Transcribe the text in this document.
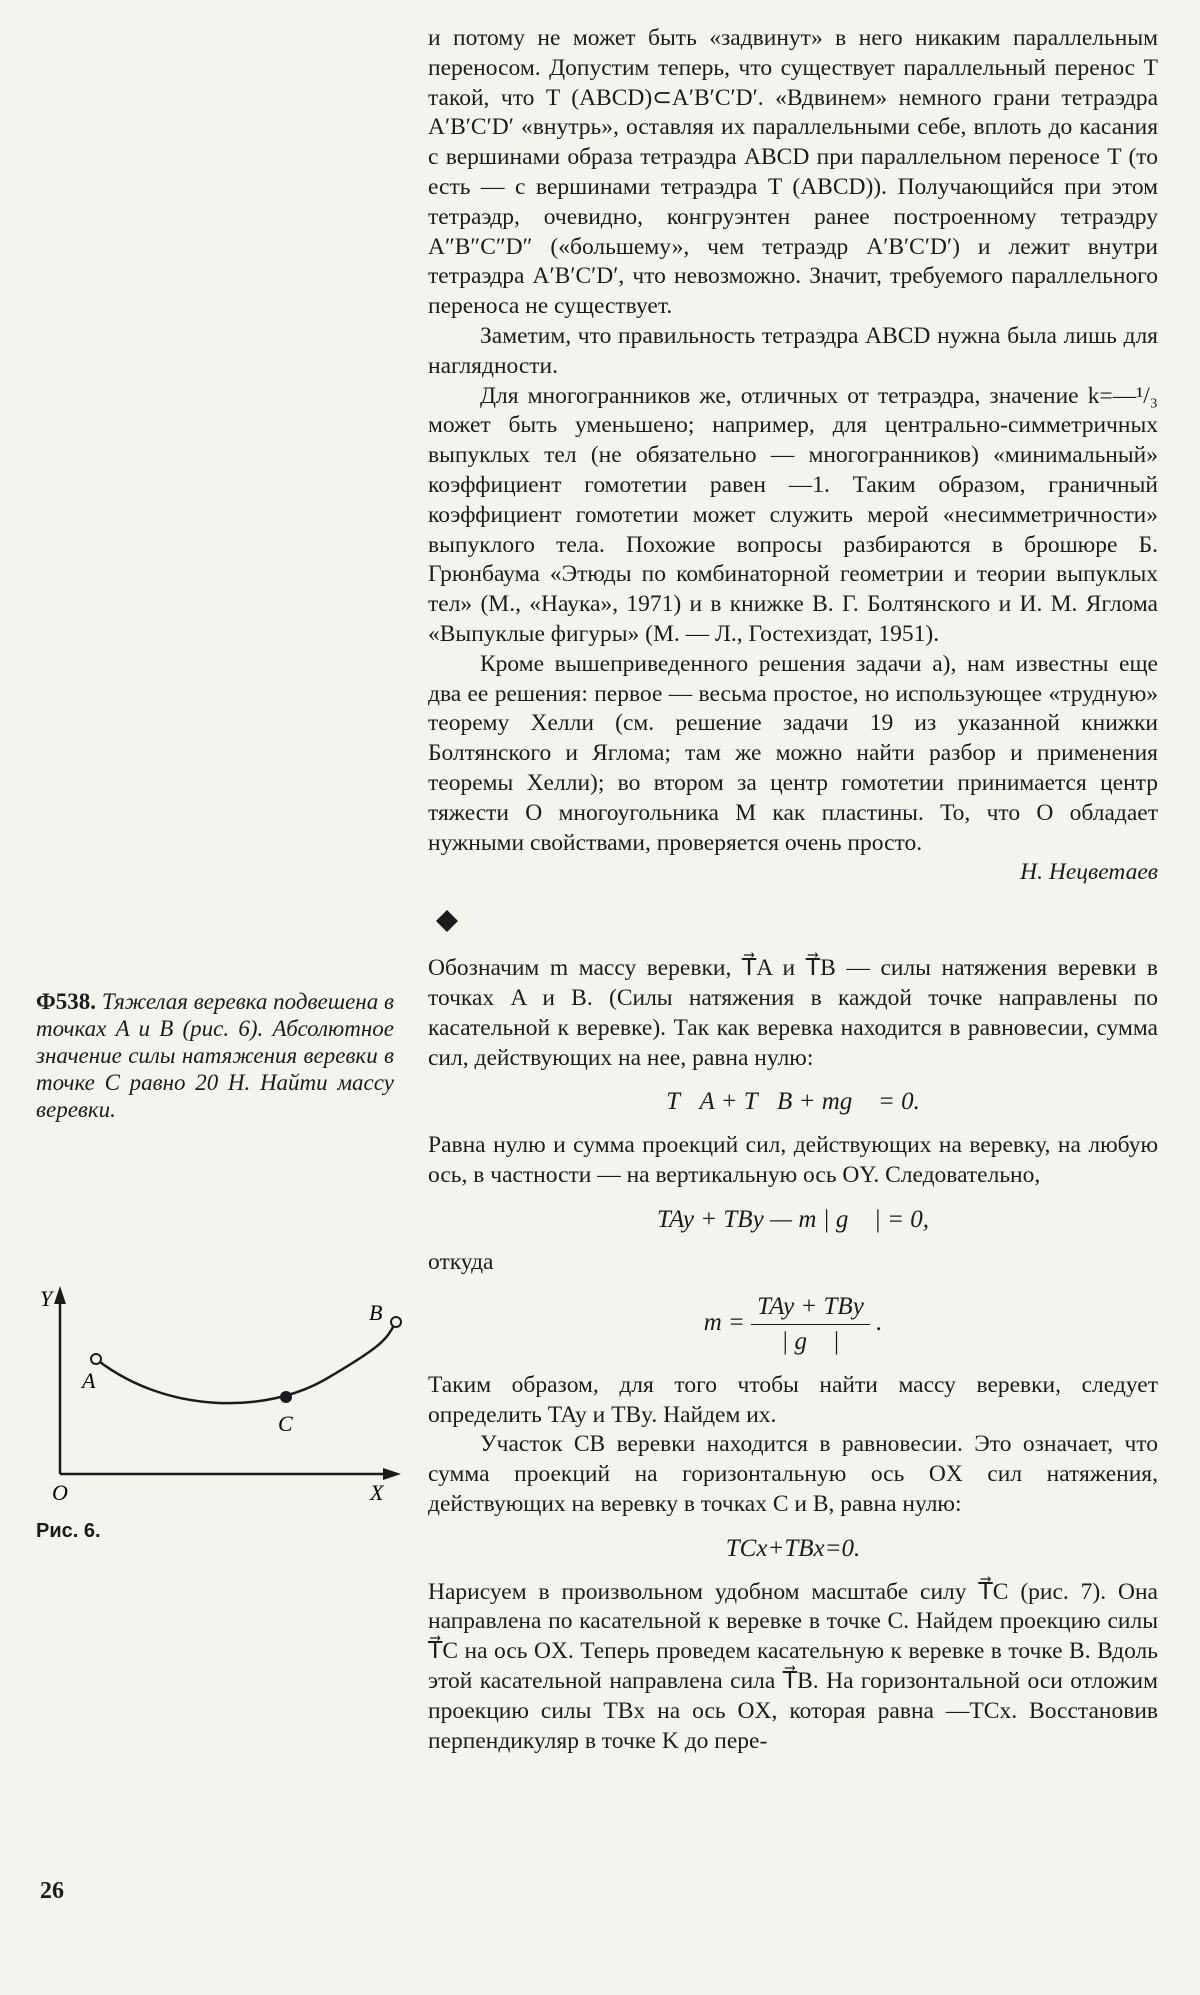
и потому не может быть «задвинут» в него никаким параллельным переносом. Допустим теперь, что существует параллельный перенос T такой, что T (ABCD)⊂A′B′C′D′. «Вдвинем» немного грани тетраэдра A′B′C′D′ «внутрь», оставляя их параллельными себе, вплоть до касания с вершинами образа тетраэдра ABCD при параллельном переносе T (то есть — с вершинами тетраэдра T (ABCD)). Получающийся при этом тетраэдр, очевидно, конгруэнтен ранее построенному тетраэдру A″B″C″D″ («большему», чем тетраэдр A′B′C′D′) и лежит внутри тетраэдра A′B′C′D′, что невозможно. Значит, требуемого параллельного переноса не существует.

Заметим, что правильность тетраэдра ABCD нужна была лишь для наглядности.

Для многогранников же, отличных от тетраэдра, значение k=—¹/₃ может быть уменьшено; например, для центрально-симметричных выпуклых тел (не обязательно — многогранников) «минимальный» коэффициент гомотетии равен —1. Таким образом, граничный коэффициент гомотетии может служить мерой «несимметричности» выпуклого тела. Похожие вопросы разбираются в брошюре Б. Грюнбаума «Этюды по комбинаторной геометрии и теории выпуклых тел» (М., «Наука», 1971) и в книжке В. Г. Болтянского и И. М. Яглома «Выпуклые фигуры» (М. — Л., Гостехиздат, 1951).

Кроме вышеприведенного решения задачи а), нам известны еще два ее решения: первое — весьма простое, но использующее «трудную» теорему Хелли (см. решение задачи 19 из указанной книжки Болтянского и Яглома; там же можно найти разбор и применения теоремы Хелли); во втором за центр гомотетии принимается центр тяжести O многоугольника M как пластины. То, что O обладает нужными свойствами, проверяется очень просто.

Н. Нецветаев

Обозначим m массу веревки, T⃗A и T⃗B — силы натяжения веревки в точках A и B. (Силы натяжения в каждой точке направлены по касательной к веревке). Так как веревка находится в равновесии, сумма сил, действующих на нее, равна нулю:

T⃗A + T⃗B + mg⃗ = 0.

Равна нулю и сумма проекций сил, действующих на веревку, на любую ось, в частности — на вертикальную ось OY. Следовательно,

TAy + TBy — m | g⃗ | = 0,

откуда

$m = \frac{\text{TAy + TBy}}{| g⃗ |}$ .

Таким образом, для того чтобы найти массу веревки, следует определить TAy и TBy. Найдем их.

Участок CB веревки находится в равновесии. Это означает, что сумма проекций на горизонтальную ось OX сил натяжения, действующих на веревку в точках C и B, равна нулю:

TCx+TBx=0.

Нарисуем в произвольном удобном масштабе силу T⃗C (рис. 7). Она направлена по касательной к веревке в точке C. Найдем проекцию силы T⃗C на ось OX. Теперь проведем касательную к веревке в точке B. Вдоль этой касательной направлена сила T⃗B. На горизонтальной оси отложим проекцию силы TBx на ось OX, которая равна —TCx. Восстановив перпендикуляр в точке K до пере-

Ф538. Тяжелая веревка подвешена в точках A и B (рис. 6). Абсолютное значение силы натяжения веревки в точке C равно 20 Н. Найти массу веревки.
Y
X
O
A
B
C
Рис. 6.
26
